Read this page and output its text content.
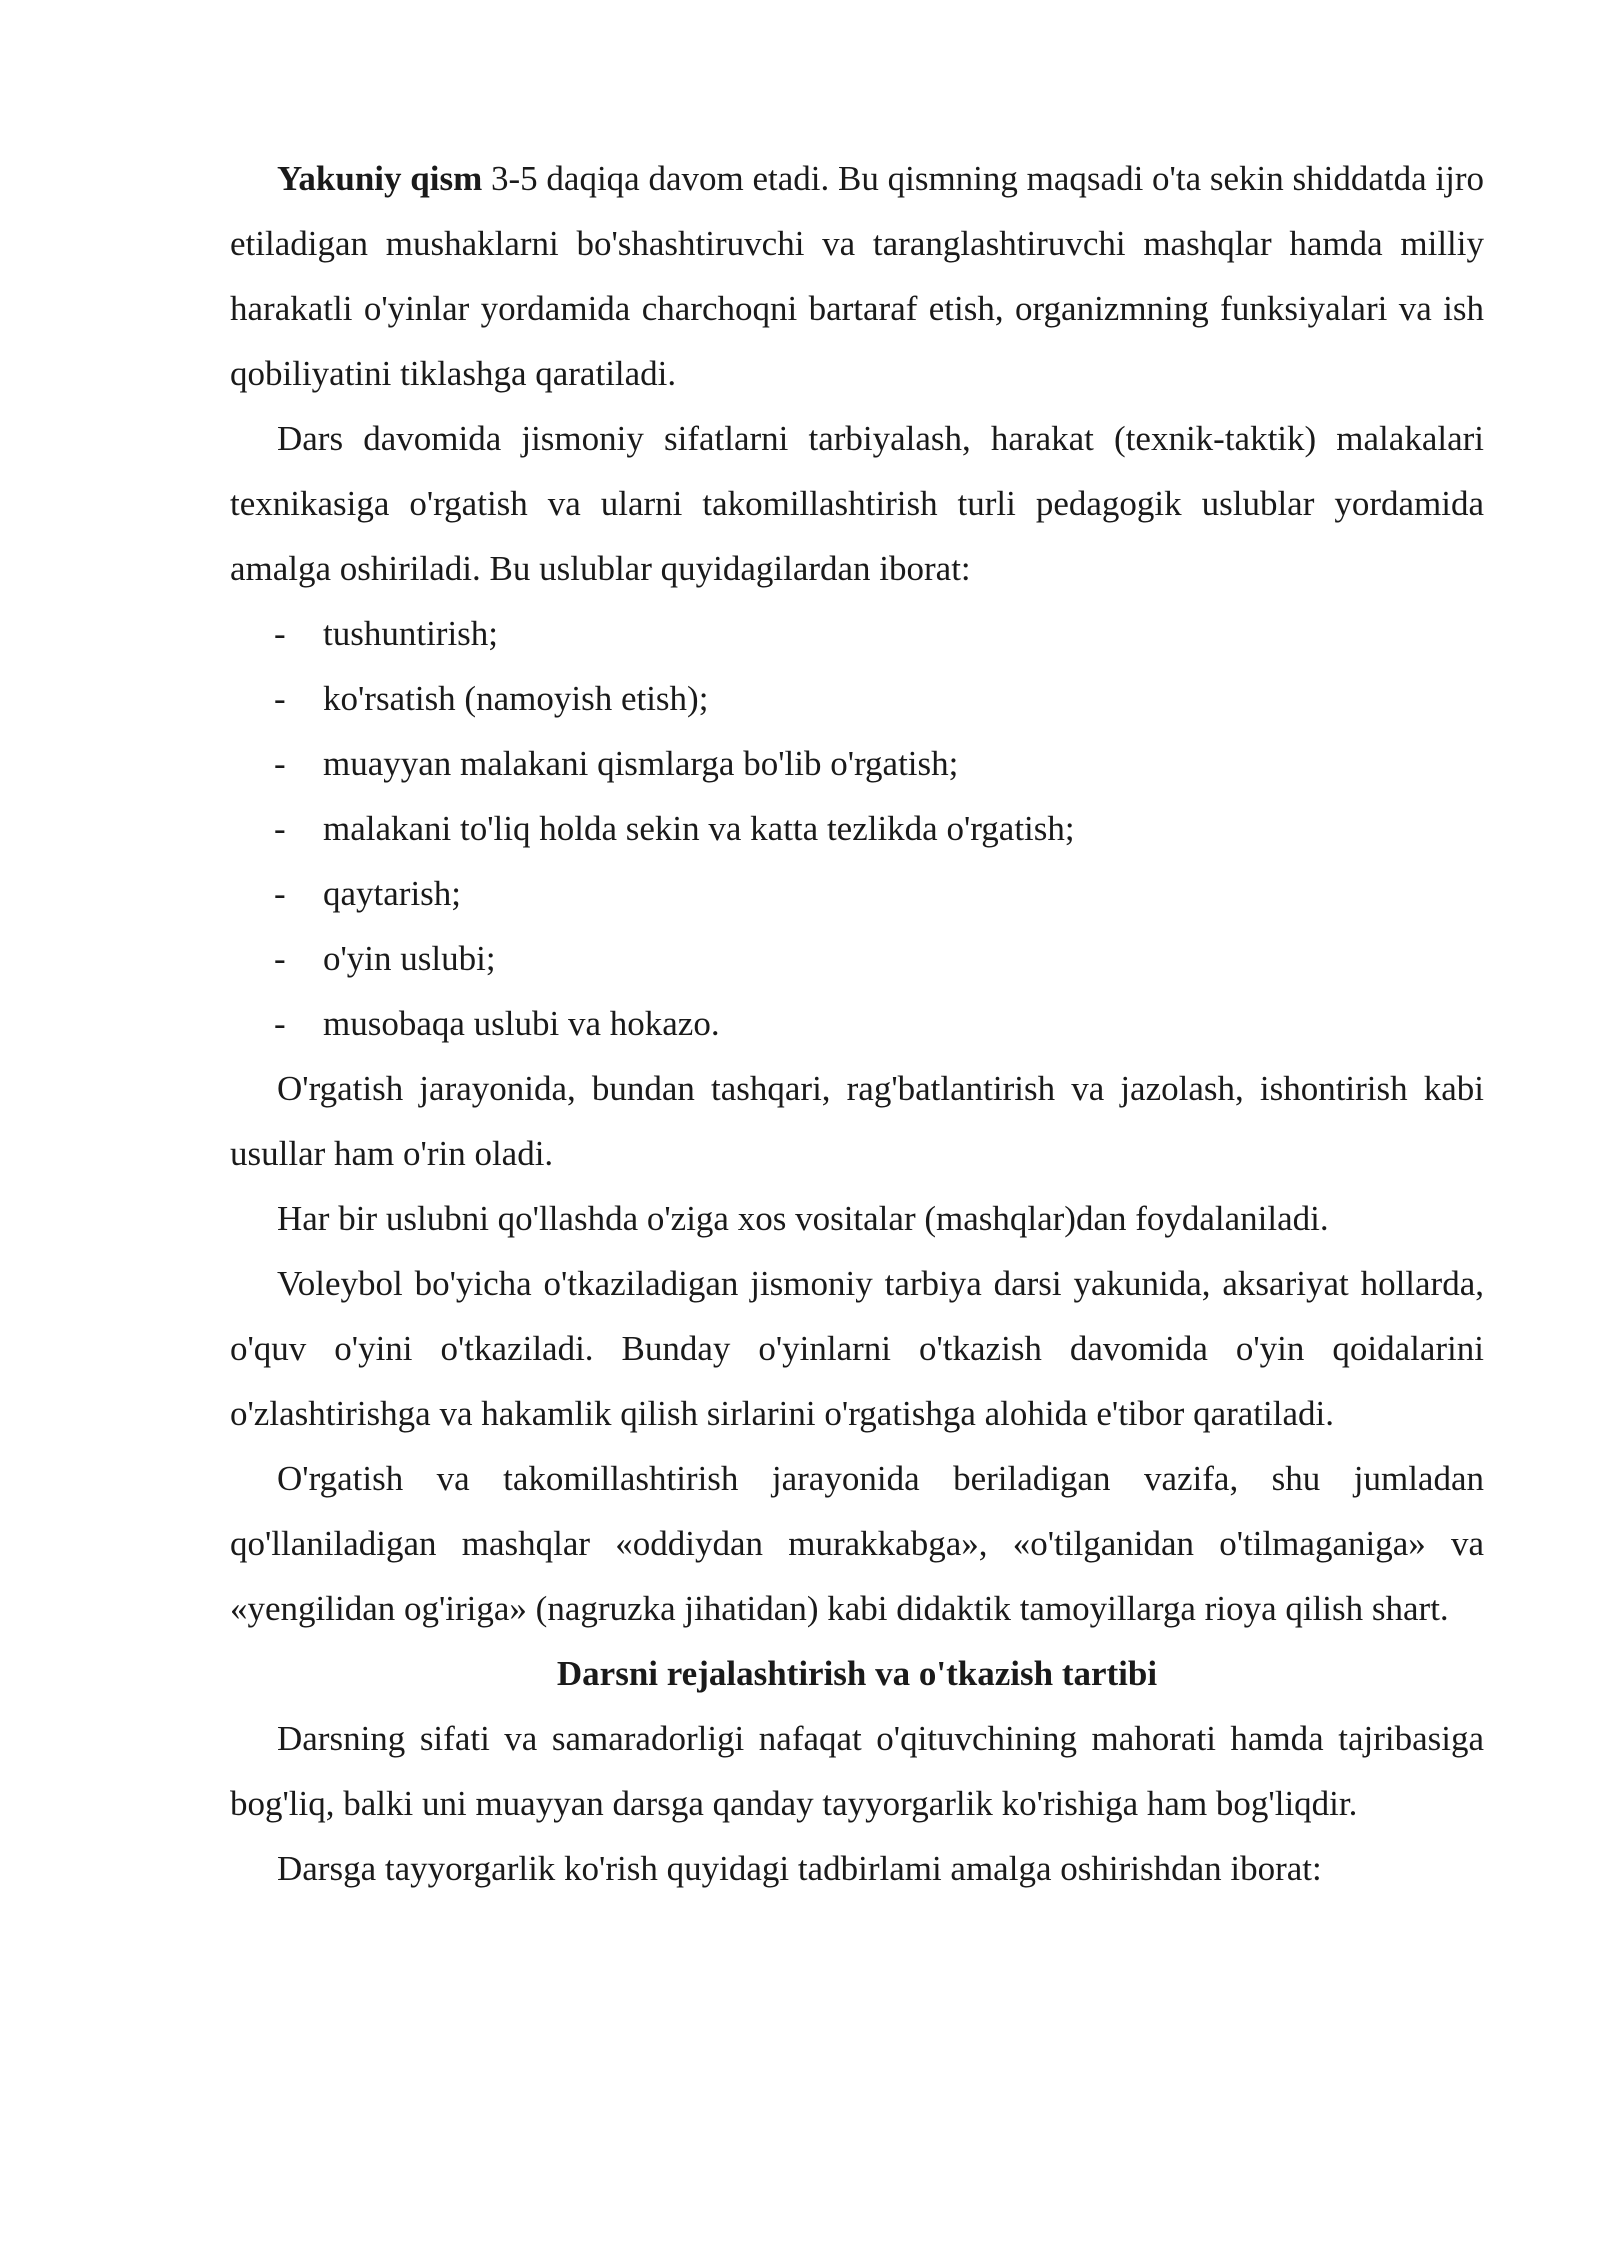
Yakuniy qism 3-5 daqiqa davom etadi. Bu qismning maqsadi o'ta sekin shiddatda ijro etiladigan mushaklarni bo'shashtiruvchi va taranglashtiruvchi mashqlar hamda milliy harakatli o'yinlar yordamida charchoqni bartaraf etish, organizmning funksiyalari va ish qobiliyatini tiklashga qaratiladi.

Dars davomida jismoniy sifatlarni tarbiyalash, harakat (texnik-taktik) malakalari texnikasiga o'rgatish va ularni takomillashtirish turli pedagogik uslublar yordamida amalga oshiriladi. Bu uslublar quyidagilardan iborat:

- tushuntirish;
- ko'rsatish (namoyish etish);
- muayyan malakani qismlarga bo'lib o'rgatish;
- malakani to'liq holda sekin va katta tezlikda o'rgatish;
- qaytarish;
- o'yin uslubi;
- musobaqa uslubi va hokazo.

O'rgatish jarayonida, bundan tashqari, rag'batlantirish va jazolash, ishontirish kabi usullar ham o'rin oladi.

Har bir uslubni qo'llashda o'ziga xos vositalar (mashqlar)dan foydalaniladi.

Voleybol bo'yicha o'tkaziladigan jismoniy tarbiya darsi yakunida, aksariyat hollarda, o'quv o'yini o'tkaziladi. Bunday o'yinlarni o'tkazish davomida o'yin qoidalarini o'zlashtirishga va hakamlik qilish sirlarini o'rgatishga alohida e'tibor qaratiladi.

O'rgatish va takomillashtirish jarayonida beriladigan vazifa, shu jumladan qo'llaniladigan mashqlar «oddiydan murakkabga», «o'tilganidan o'tilmaganiga» va «yengilidan og'iriga» (nagruzka jihatidan) kabi didaktik tamoyillarga rioya qilish shart.

Darsni rejalashtirish va o'tkazish tartibi

Darsning sifati va samaradorligi nafaqat o'qituvchining mahorati hamda tajribasiga bog'liq, balki uni muayyan darsga qanday tayyorgarlik ko'rishiga ham bog'liqdir.

Darsga tayyorgarlik ko'rish quyidagi tadbirlami amalga oshirishdan iborat:
